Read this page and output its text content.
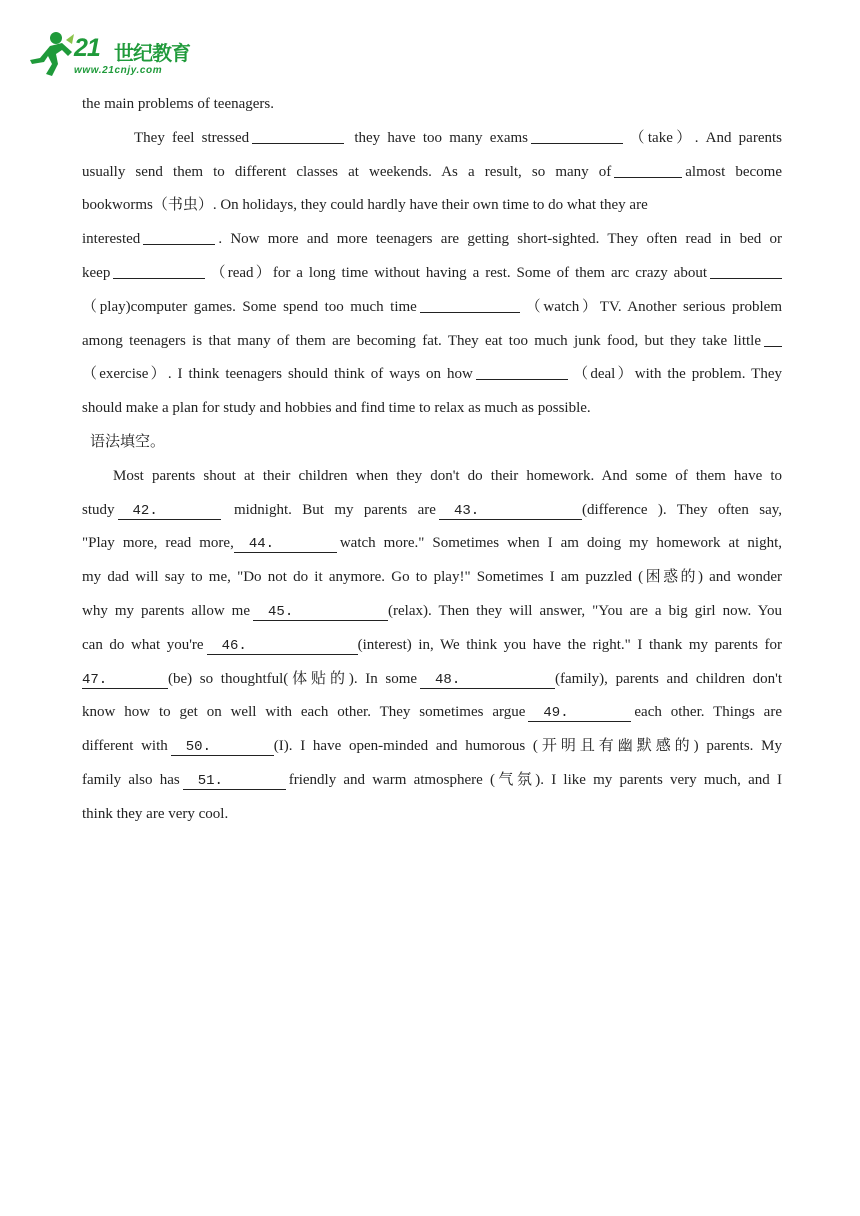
21 世纪教育
www.21cnjy.com
the main problems of teenagers.
They feel stressed	they have too many exams	（take）. And parents
usually send them to different classes at weekends. As a result, so many of	almost become
bookworms（书虫）. On holidays, they could hardly have their own time to do what they are
interested	. Now more and more teenagers are getting short-sighted. They often read in bed or
keep	（read）for a long time without having a rest. Some of them arc crazy about
（play)computer games. Some spend too much time	（watch）TV. Another serious problem
among teenagers is that many of them are becoming fat. They eat too much junk food, but they take little
（exercise）. I think teenagers should think of ways on how	（deal）with the problem. They
should make a plan for study and hobbies and find time to relax as much as possible.
语法填空。
Most parents shout at their children when they don't do their homework. And some of them have to
study 42.	midnight. But my parents are 43.	(difference ). They often say,
"Play more, read more, 44.	watch more." Sometimes when I am doing my homework at night,
my dad will say to me, "Do not do it anymore. Go to play!" Sometimes I am puzzled (困惑的) and wonder
why my parents allow me 45.	(relax). Then they will answer, "You are a big girl now. You
can do what you're 46.	(interest) in, We think you have the right." I thank my parents for
47.	(be) so thoughtful(体贴的). In some 48.	(family), parents and children don't
know how to get on well with each other. They sometimes argue 49.	each other. Things are
different with 50.	(I). I have open-minded and humorous (开明且有幽默感的) parents. My
family also has 51.	friendly and warm atmosphere (气氛). I like my parents very much, and I
think they are very cool.
